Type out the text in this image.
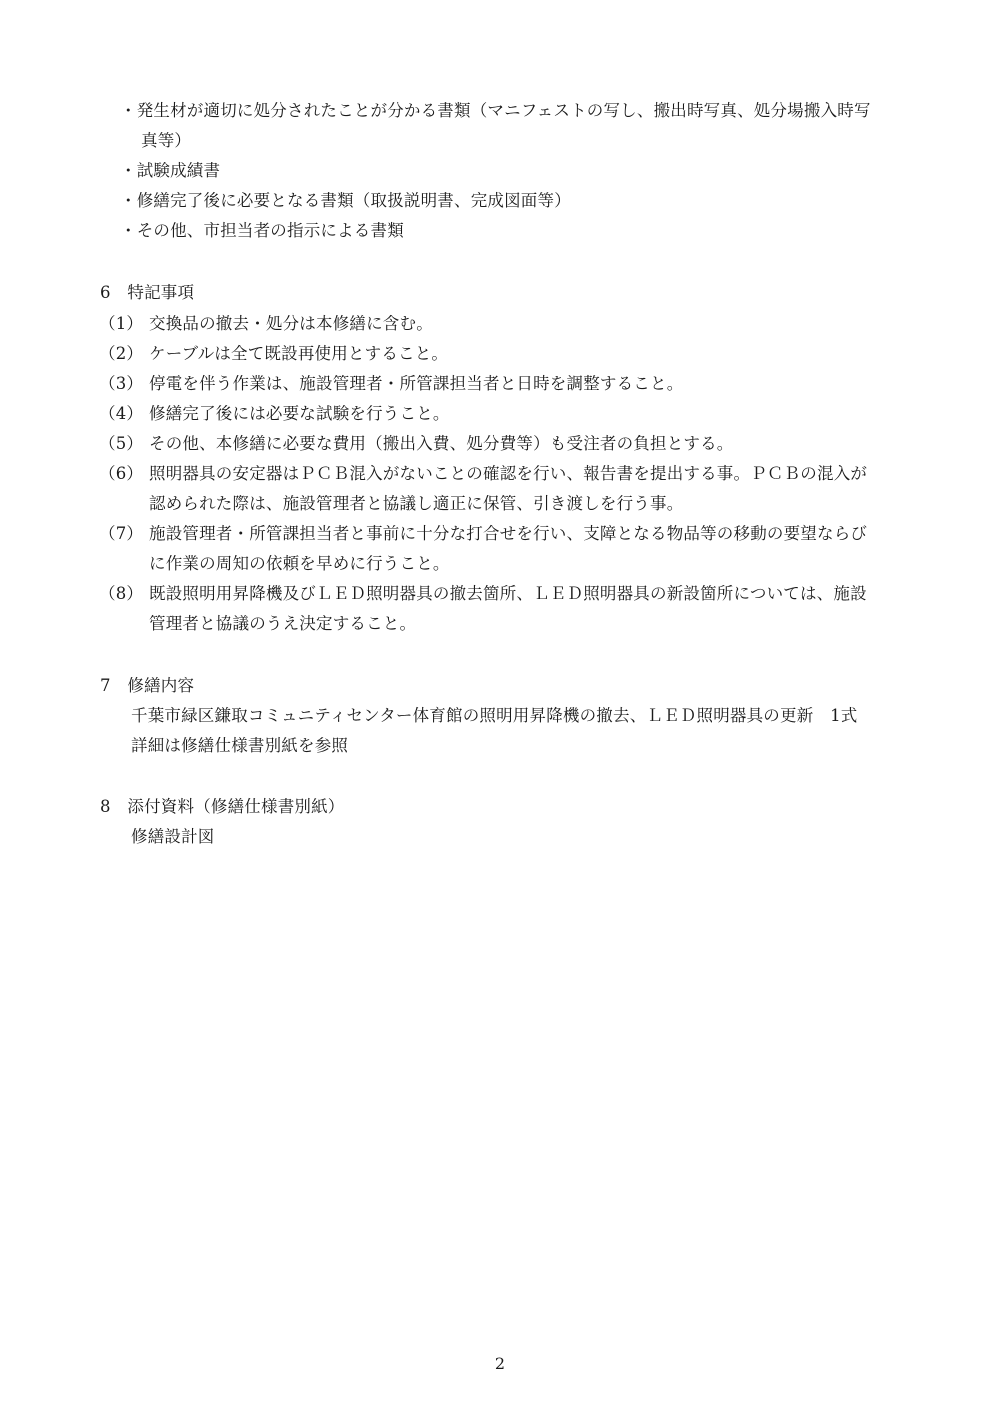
・発生材が適切に処分されたことが分かる書類（マニフェストの写し、搬出時写真、処分場搬入時写
真等）
・試験成績書
・修繕完了後に必要となる書類（取扱説明書、完成図面等）
・その他、市担当者の指示による書類
6　特記事項
（1） 交換品の撤去・処分は本修繕に含む。
（2） ケーブルは全て既設再使用とすること。
（3） 停電を伴う作業は、施設管理者・所管課担当者と日時を調整すること。
（4） 修繕完了後には必要な試験を行うこと。
（5） その他、本修繕に必要な費用（搬出入費、処分費等）も受注者の負担とする。
（6） 照明器具の安定器はＰＣＢ混入がないことの確認を行い、報告書を提出する事。ＰＣＢの混入が
認められた際は、施設管理者と協議し適正に保管、引き渡しを行う事。
（7） 施設管理者・所管課担当者と事前に十分な打合せを行い、支障となる物品等の移動の要望ならび
に作業の周知の依頼を早めに行うこと。
（8） 既設照明用昇降機及びＬＥＤ照明器具の撤去箇所、ＬＥＤ照明器具の新設箇所については、施設
管理者と協議のうえ決定すること。
7　修繕内容
千葉市緑区鎌取コミュニティセンター体育館の照明用昇降機の撤去、ＬＥＤ照明器具の更新　1式
詳細は修繕仕様書別紙を参照
8　添付資料（修繕仕様書別紙）
修繕設計図
2
